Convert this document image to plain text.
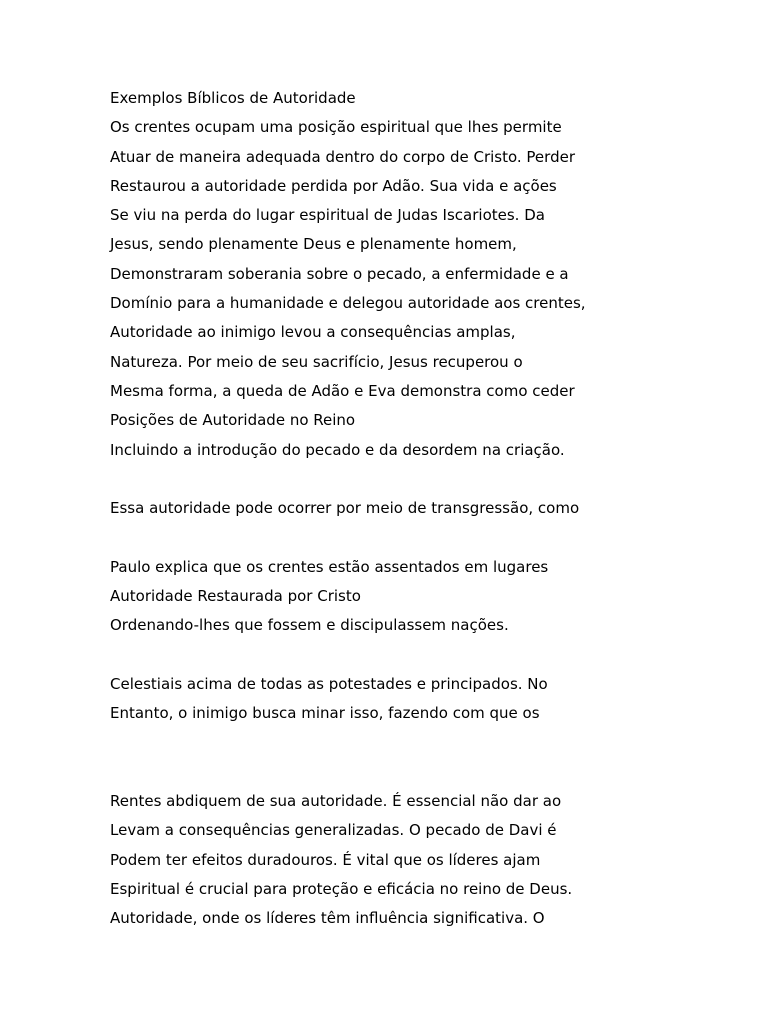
Exemplos Bíblicos de Autoridade
Os crentes ocupam uma posição espiritual que lhes permite
Atuar de maneira adequada dentro do corpo de Cristo. Perder
Restaurou a autoridade perdida por Adão. Sua vida e ações
Se viu na perda do lugar espiritual de Judas Iscariotes. Da
Jesus, sendo plenamente Deus e plenamente homem,
Demonstraram soberania sobre o pecado, a enfermidade e a
Domínio para a humanidade e delegou autoridade aos crentes,
Autoridade ao inimigo levou a consequências amplas,
Natureza. Por meio de seu sacrifício, Jesus recuperou o
Mesma forma, a queda de Adão e Eva demonstra como ceder
Posições de Autoridade no Reino
Incluindo a introdução do pecado e da desordem na criação.
Essa autoridade pode ocorrer por meio de transgressão, como
Paulo explica que os crentes estão assentados em lugares
Autoridade Restaurada por Cristo
Ordenando-lhes que fossem e discipulassem nações.
Celestiais acima de todas as potestades e principados. No
Entanto, o inimigo busca minar isso, fazendo com que os
Rentes abdiquem de sua autoridade. É essencial não dar ao
Levam a consequências generalizadas. O pecado de Davi é
Podem ter efeitos duradouros. É vital que os líderes ajam
Espiritual é crucial para proteção e eficácia no reino de Deus.
Autoridade, onde os líderes têm influência significativa. O
